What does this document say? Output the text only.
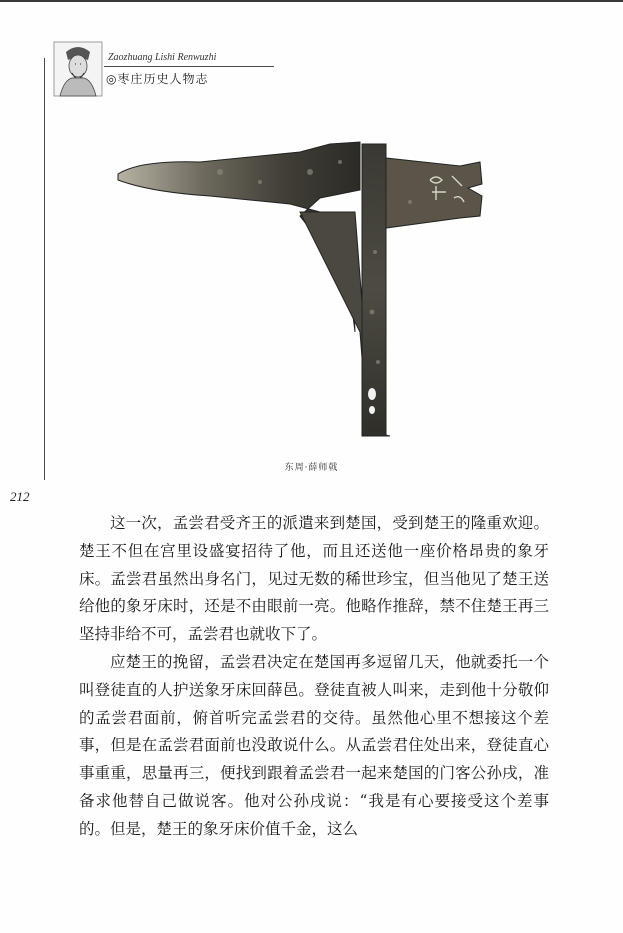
Zaozhuang Lishi Renwuzhi
◎枣庄历史人物志
东周·薛师戟
212

这一次，孟尝君受齐王的派遣来到楚国，受到楚王的隆重欢迎。楚王不但在宫里设盛宴招待了他，而且还送他一座价格昂贵的象牙床。孟尝君虽然出身名门，见过无数的稀世珍宝，但当他见了楚王送给他的象牙床时，还是不由眼前一亮。他略作推辞，禁不住楚王再三坚持非给不可，孟尝君也就收下了。

应楚王的挽留，孟尝君决定在楚国再多逗留几天，他就委托一个叫登徒直的人护送象牙床回薛邑。登徒直被人叫来，走到他十分敬仰的孟尝君面前，俯首听完孟尝君的交待。虽然他心里不想接这个差事，但是在孟尝君面前也没敢说什么。从孟尝君住处出来，登徒直心事重重，思量再三，便找到跟着孟尝君一起来楚国的门客公孙戌，准备求他替自己做说客。他对公孙戌说：“我是有心要接受这个差事的。但是，楚王的象牙床价值千金，这么
